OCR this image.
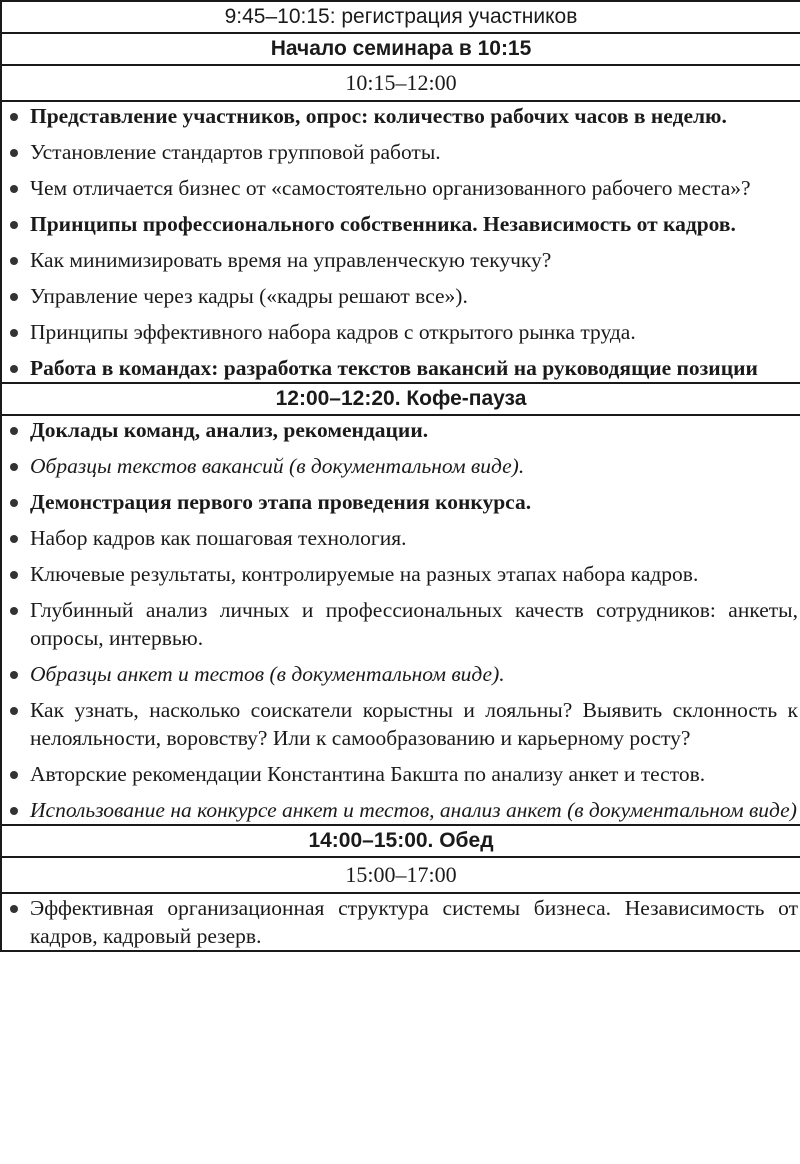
9:45–10:15: регистрация участников
Начало семинара в 10:15
10:15–12:00

Представление участников, опрос: количество рабочих часов в неделю.
Установление стандартов групповой работы.
Чем отличается бизнес от «самостоятельно организованного рабочего места»?
Принципы профессионального собственника. Независимость от кадров.
Как минимизировать время на управленческую текучку?
Управление через кадры («кадры решают все»).
Принципы эффективного набора кадров с открытого рынка труда.
Работа в командах: разработка текстов вакансий на руководящие позиции

12:00–12:20. Кофе-пауза

Доклады команд, анализ, рекомендации.
Образцы текстов вакансий (в документальном виде).
Демонстрация первого этапа проведения конкурса.
Набор кадров как пошаговая технология.
Ключевые результаты, контролируемые на разных этапах набора кадров.
Глубинный анализ личных и профессиональных качеств сотрудников: анкеты, опросы, интервью.
Образцы анкет и тестов (в документальном виде).
Как узнать, насколько соискатели корыстны и лояльны? Выявить склонность к нелояльности, воровству? Или к самообразованию и карьерному росту?
Авторские рекомендации Константина Бакшта по анализу анкет и тестов.
Использование на конкурсе анкет и тестов, анализ анкет (в документальном виде)

14:00–15:00. Обед
15:00–17:00

Эффективная организационная структура системы бизнеса. Независимость от кадров, кадровый резерв.
